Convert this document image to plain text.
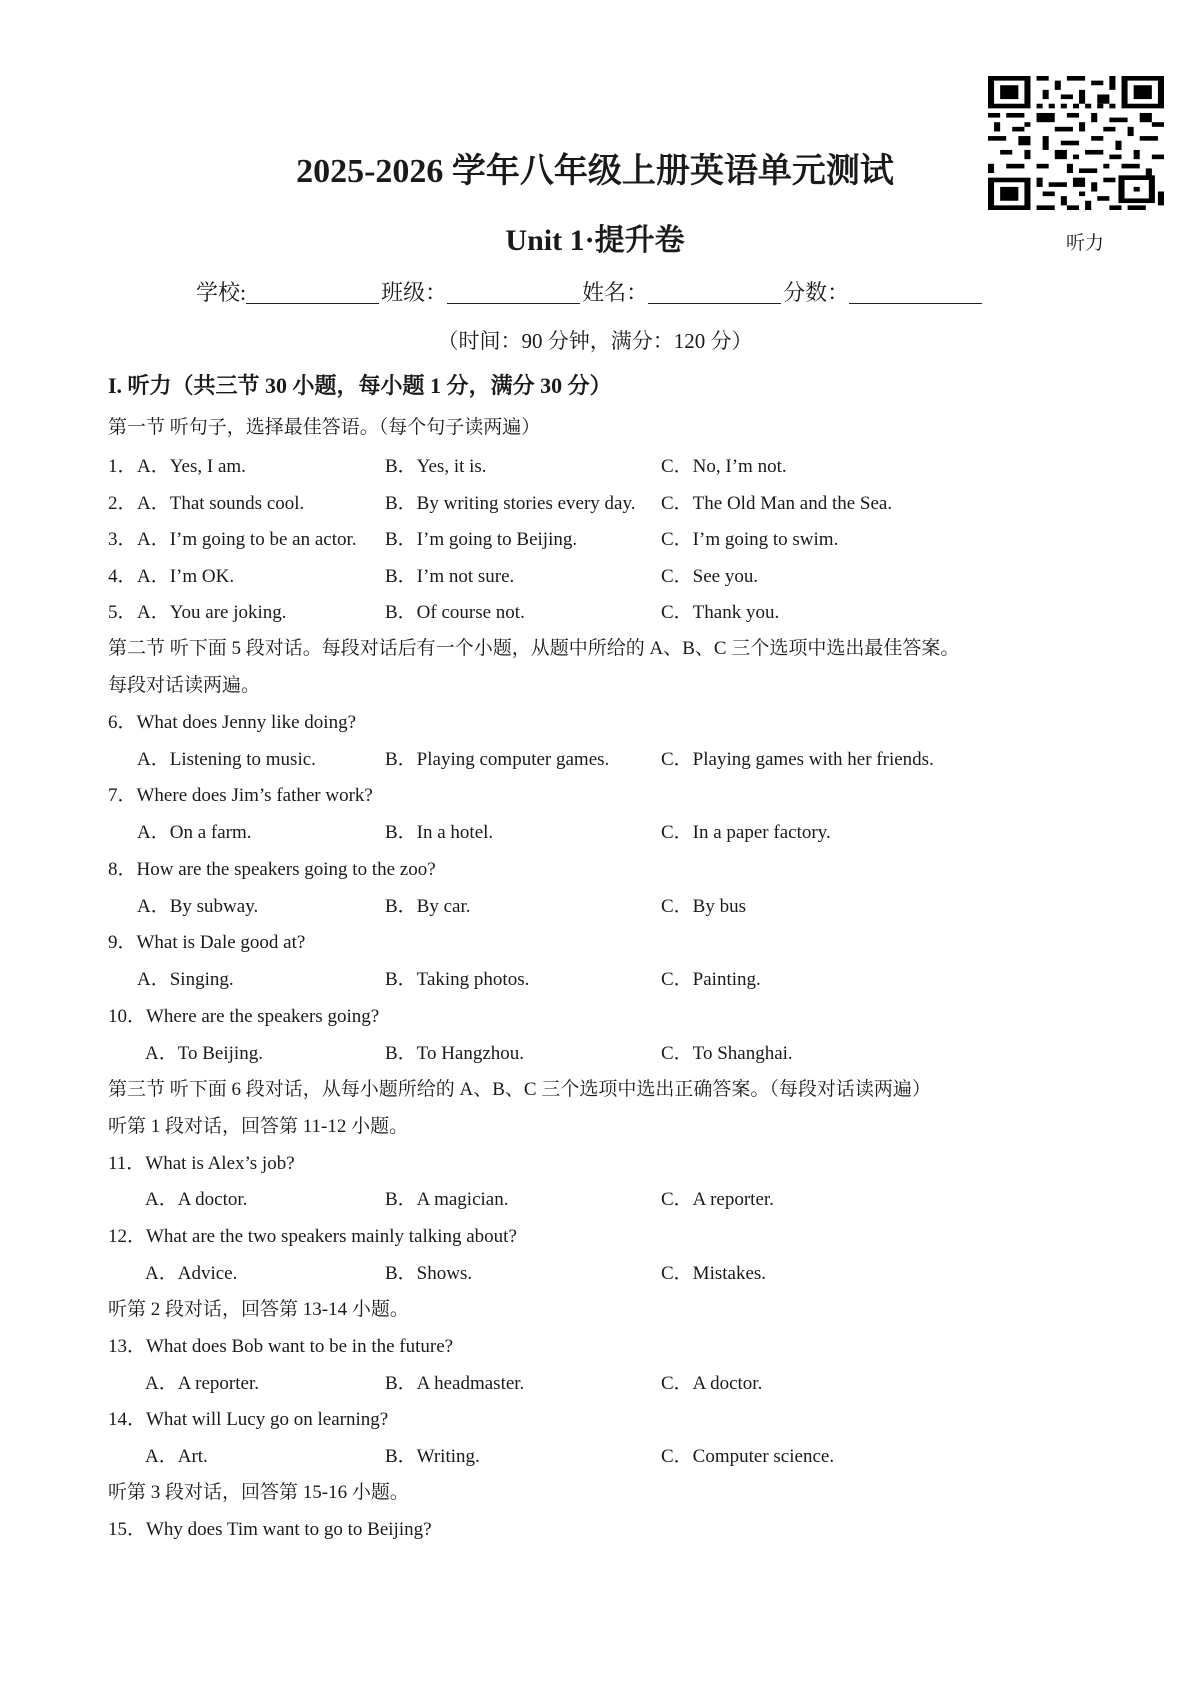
听力
2025-2026 学年八年级上册英语单元测试
Unit 1·提升卷
学校:	班级：	姓名：	分数：
（时间：90 分钟，满分：120 分）
I. 听力（共三节 30 小题，每小题 1 分，满分 30 分）
第一节 听句子，选择最佳答语。（每个句子读两遍）
1． A．Yes, I am.	B．Yes, it is.	C．No, I’m not.
2． A．That sounds cool.	B．By writing stories every day. C．The Old Man and the Sea.
3． A．I’m going to be an actor. B．I’m going to Beijing.	C．I’m going to swim.
4． A．I’m OK.	B．I’m not sure.	C．See you.
5． A．You are joking.	B．Of course not.	C．Thank you.
第二节 听下面 5 段对话。每段对话后有一个小题，从题中所给的 A、B、C 三个选项中选出最佳答案。
每段对话读两遍。
6．What does Jenny like doing?
A．Listening to music.	B．Playing computer games.	C．Playing games with her friends.
7．Where does Jim’s father work?
A．On a farm.	B．In a hotel.	C．In a paper factory.
8．How are the speakers going to the zoo?
A．By subway.	B．By car.	C．By bus
9．What is Dale good at?
A．Singing.	B．Taking photos.	C．Painting.
10．Where are the speakers going?
A．To Beijing.	B．To Hangzhou.	C．To Shanghai.
第三节 听下面 6 段对话，从每小题所给的 A、B、C 三个选项中选出正确答案。（每段对话读两遍）
听第 1 段对话，回答第 11-12 小题。
11．What is Alex’s job?
A．A doctor.	B．A magician.	C．A reporter.
12．What are the two speakers mainly talking about?
A．Advice.	B．Shows.	C．Mistakes.
听第 2 段对话，回答第 13-14 小题。
13．What does Bob want to be in the future?
A．A reporter.	B．A headmaster.	C．A doctor.
14．What will Lucy go on learning?
A．Art.	B．Writing.	C．Computer science.
听第 3 段对话，回答第 15-16 小题。
15．Why does Tim want to go to Beijing?
